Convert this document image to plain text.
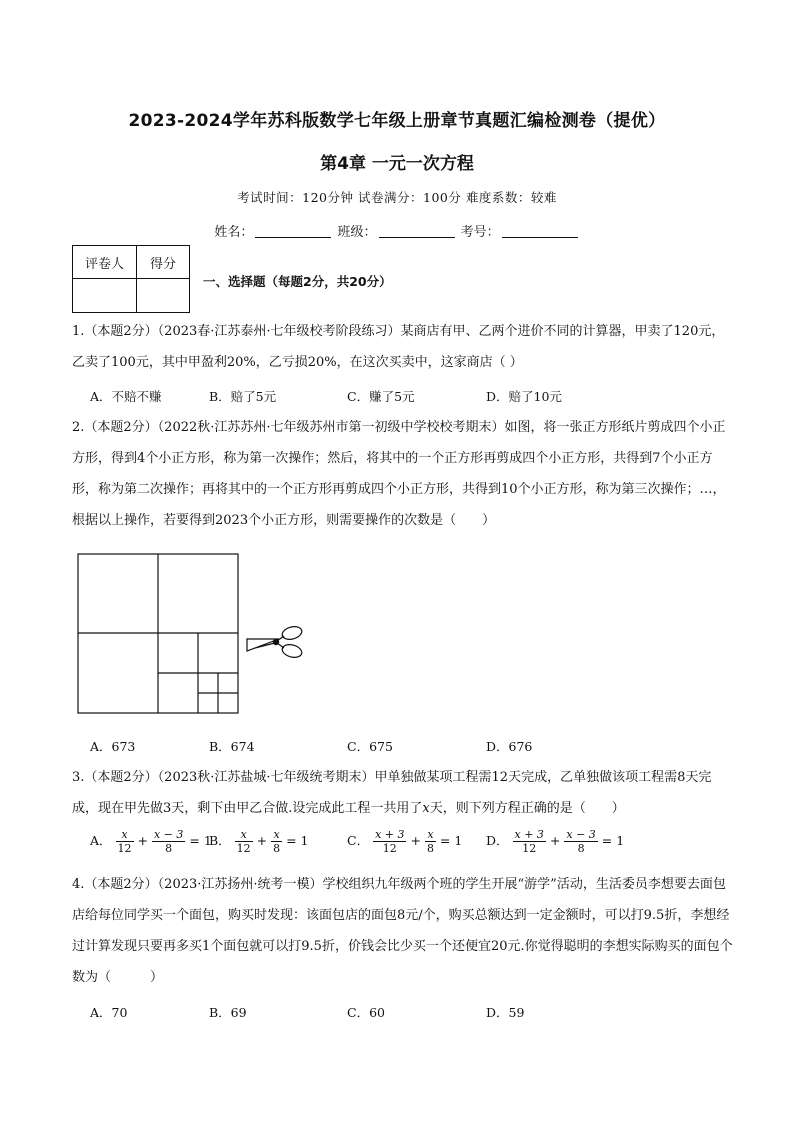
2023-2024学年苏科版数学七年级上册章节真题汇编检测卷（提优）
第4章 一元一次方程
考试时间：120分钟 试卷满分：100分 难度系数：较难
姓名：	班级：	考号：
评卷人	得分

一、选择题（每题2分，共20分）
1.（本题2分）（2023春·江苏泰州·七年级校考阶段练习）某商店有甲、乙两个进价不同的计算器，甲卖了120元，乙卖了100元，其中甲盈利20%，乙亏损20%，在这次买卖中，这家商店（ ）
A．不赔不赚	B．赔了5元	C．赚了5元	D．赔了10元
2.（本题2分）（2022秋·江苏苏州·七年级苏州市第一初级中学校校考期末）如图，将一张正方形纸片剪成四个小正方形，得到4个小正方形，称为第一次操作；然后，将其中的一个正方形再剪成四个小正方形，共得到7个小正方形，称为第二次操作；再将其中的一个正方形再剪成四个小正方形，共得到10个小正方形，称为第三次操作；…，根据以上操作，若要得到2023个小正方形，则需要操作的次数是（　　）
A．673	B．674	C．675	D．676
3.（本题2分）（2023秋·江苏盐城·七年级统考期末）甲单独做某项工程需12天完成，乙单独做该项工程需8天完成，现在甲先做3天，剩下由甲乙合做.设完成此工程一共用了x天，则下列方程正确的是（　　）
A． $\frac{x}{12} + \frac{x - 3}{8} = 1$
B． $\frac{x}{12} + \frac{x}{8} = 1$	C． $\frac{x + 3}{12} + \frac{x}{8} = 1$ D． $\frac{x + 3}{12} + \frac{x - 3}{8} = 1$
4.（本题2分）（2023·江苏扬州·统考一模）学校组织九年级两个班的学生开展“游学”活动，生活委员李想要去面包店给每位同学买一个面包，购买时发现：该面包店的面包8元/个，购买总额达到一定金额时，可以打9.5折，李想经过计算发现只要再多买1个面包就可以打9.5折，价钱会比少买一个还便宜20元.你觉得聪明的李想实际购买的面包个数为（　　　）
A．70	B．69	C．60	D．59
